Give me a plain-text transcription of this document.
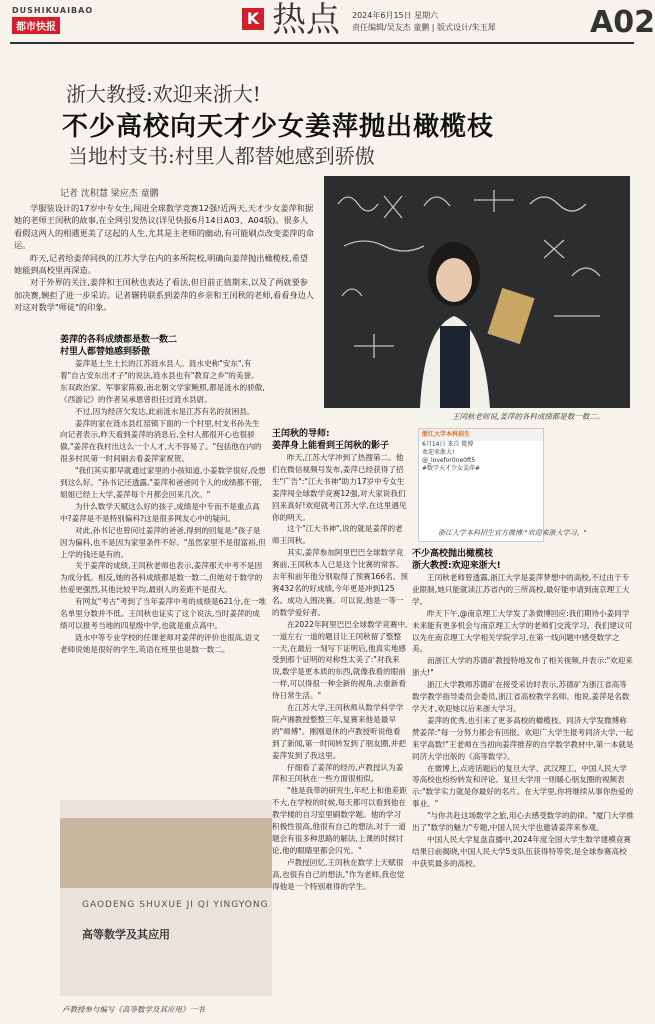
DUSHIKUAIBAO
都市快报	K 热点 2024年6月15日 星期六
责任编辑/吴友杰 童鹏 | 版式设计/朱玉犀	A02
浙大教授:欢迎来浙大!
不少高校向天才少女姜萍抛出橄榄枝
当地村支书:村里人都替她感到骄傲
记者 沈积慧 梁应杰 童鹏

学服装设计的17岁中专女生,闯进全球数学竞赛12强!近两天,天才少女姜萍和据她的老师王闰秋的故事,在全网引发热议(详见快报6月14日A03、A04版)。很多人看假这两人的相遇更美了这起的人生,尤其是主老师的幽动,有可能刷点改变姜萍的命运。

昨天,记者给姜萍同执的江苏大学在内的多所院校,明确向姜萍抛出橄榄枝,希望她能到高校里再深造。

对于外界的关注,姜萍和王闰秋也表达了看法,但目前正值期末,以及了两就要参加决赛,婉拒了进一步采访。记者辗转联系到姜萍的乡亲和王闰秋的老师,看看身边人对这对数学"师徒"的印象。

王闰秋老师说,姜萍的各科成绩都是数一数二。

姜萍的各科成绩都是数一数二

村里人都替她感到骄傲

姜萍是土生土长的江苏涟水县人。涟水史称"安东",有着"自古安东出才子"的说法,涟水县也有"教育之乡"的美誉。东双政治家、军事家陈毅,南北朝文学家鲍照,都是涟水的骄傲,《西游记》的作者吴承恩曾担任过涟水县尉。

不过,因为经济欠发达,此前涟水是江苏有名的贫困县。

姜萍的家在涟水县红窑镇下面的一个村里,村支书孙先生向记者表示,昨天看到姜萍的消息后,全村人都很开心也很骄傲,"姜萍在我村出这么一个人才,大不容易了。"包括他在内的很多村民第一时间刷去看姜萍家祝贺。

"我们其实都早就通过家里的小孩知道,小姜数学很好,没想到这么好。"孙书记还透露,"姜萍和爸爸同个人的成绩都不错,姐姐已经上大学,姜萍每个月都会回来几次。"

为什么数学天赋这么好的孩子,成绩是中专而不是重点高中?姜萍是不是特别偏科?这是很多网友心中的疑问。

对此,孙书记也曾问过姜萍的爸爸,得到的回复是:"孩子是因为偏科,也不是因为家里条件不好。"虽然家里不是很富裕,但上学的钱还是有的。

关于姜萍的成绩,王闰秋老师也表示,姜萍那天中考不是因为成分低。相反,她的各科成绩都是数一数二,但她对于数学的热爱更强烈,其他比较平均,最别人的差距不是很大。

有网友"考古"考到了当年姜萍中考的成绩是621分,在一堆名单里分数并不低。王闰秋也证实了这个说法,当时姜萍的成绩可以报考当地的四星级中学,也就是重点高中。

涟水中等专业学校的任课老师对姜萍的评价也很高,语文老师说她是很好的学生,英语在班里也是数一数二。

王闰秋的导师:

姜萍身上能看到王闰秋的影子

昨天,江苏大学冲到了热搜第二。他们在微信视频号发布,姜萍已经获得了招生"广告":"江大书神"助力17岁中专女生姜萍闯全球数学竞赛12强,对大家说我们回来真好!欢迎就考江苏大学,在这里遇见你的明天。

这个"江大书神",说的就是姜萍的老师王闰秋。

其实,姜萍参加阿里巴巴全球数学竞赛前,王闰秋本人已是这个比赛的常客。去年和前年他分别取得了预赛166名、预赛432名的好成绩,今年更是冲到125名。成功入围决赛。可以说,他是一等一的数学爱好者。

在2022年阿里巴巴全球数学竞赛中,一道左右一道的题目让王闰秋留了整整一天,在最后一刻写下证明后,他真实地感受到那个证明的对称性太美了:"对我来说,数学是更本质的东西,就像我看的眼前一样,可以得很一种全新的视角,去重新看待日常生活。"

在江苏大学,王闰秋师从数学科学学院卢湘教授整整三年,复赛来他是最早的"师傅"。刚刚退休的卢教授听说他看到了新闻,第一时间转发到了朋友圈,并把姜萍发到了我这里。

仔细看了姜萍的经历,卢教授认为姜萍和王闰秋在一些方面很相似。

"他是我带的研究生,年纪上和他差距不大,在学校的时候,每天都可以看到他在教学楼的自习室里刷数学题。他的学习积极性很高,他很有自己的想法,对于一道题会有很多种思路的解法,上课的时候讨论,他的眼睛里都会闪光。"

卢教授回忆,王闰秋在数学上天赋很高,也很有自己的想法,"作为老师,我也觉得他是一个特别难得的学生。

浙江大学本科招生
6月14日 来自 微博
欢迎来浙大!
@_lovefor0ne0ft5
#数学天才少女姜萍#
浙江大学本科招生官方微博:"欢迎来浙大学习。"

不少高校抛出橄榄枝

浙大教授:欢迎来浙大!

王闰秋老师曾透露,浙江大学是姜萍梦想中的高校,不过由于专业限制,她只能就读江苏省内的三所高校,最好能申请到南京理工大学。

昨天下午,@南京理工大学发了条微博回应:我们期待小姜同学未来能有更多机会与南京理工大学的老师们交流学习。我们建议可以先在南京理工大学相关学院学习,在第一线问题中感受数学之美。

而浙江大学的苏德矿教授特地发布了相关视频,并表示:"欢迎来浙大!"

浙江大学教师苏德矿在接受采访时表示,苏德矿为浙江省高等数学教学指导委员会委员,浙江省高校教学名师。他说,姜萍是名数学天才,欢迎她以后来浙大学习。

姜萍的优秀,也引来了更多高校的橄榄枝。同济大学发微博称赞姜萍:"每一分努力都会有回报。欢迎广大学生报考同济大学,一起来学高数!"王老师在当初向姜萍推荐的自学数学教材中,第一本就是同济大学出版的《高等数学》。

在微博上,点进话题后的复旦大学、武汉理工、中国人民大学等高校也纷纷转发和评论。复旦大学用一则暖心朋友圈的视频表示:"数学实力就是你最好的名片。在大学里,你将继续从事你热爱的事业。"

"与你共赴这场数学之旅,用心去感受数学的韵律。"厦门大学推出了"数学的魅力"专题,中国人民大学也邀请姜萍来参观。

中国人民大学复盘直播中,2024年度全国大学生数学建模竞赛结果日前揭晓,中国人民大学5支队伍获得特等奖,是全球参赛高校中获奖最多的高校。

GAODENG SHUXUE JI QI YINGYONG
高等数学及其应用
卢教授参与编写《高等数学及其应用》一书
